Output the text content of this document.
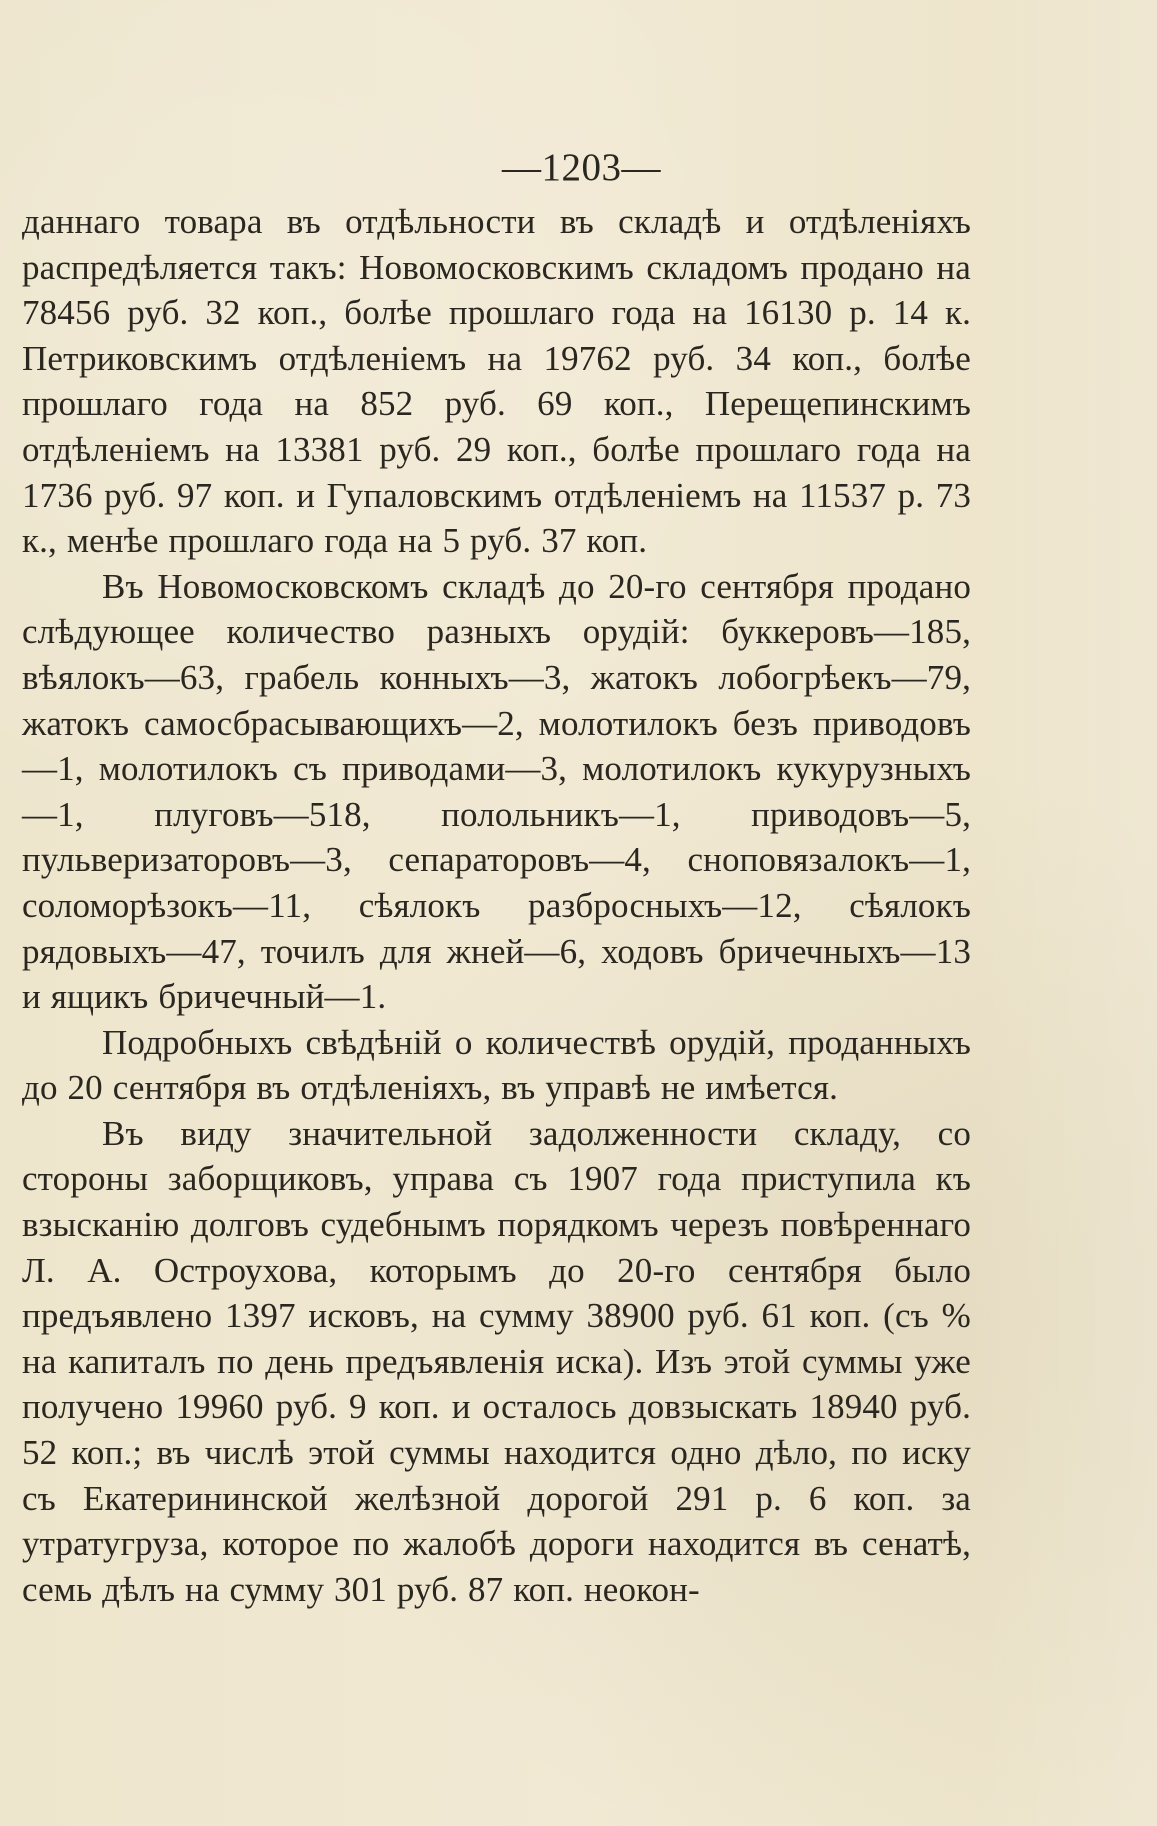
—1203—

даннаго товара въ отдѣльности въ складѣ и отдѣленіяхъ распредѣляется такъ: Новомосковскимъ складомъ продано на 78456 руб. 32 коп., болѣе прошлаго года на 16130 р. 14 к. Петриковскимъ отдѣленіемъ на 19762 руб. 34 коп., болѣе прошлаго года на 852 руб. 69 коп., Перещепинскимъ отдѣленіемъ на 13381 руб. 29 коп., болѣе прошлаго года на 1736 руб. 97 коп. и Гупаловскимъ отдѣленіемъ на 11537 р. 73 к., менѣе прошлаго года на 5 руб. 37 коп.

Въ Новомосковскомъ складѣ до 20-го сентября продано слѣдующее количество разныхъ орудій: буккеровъ—185, вѣялокъ—63, грабель конныхъ—3, жатокъ лобогрѣекъ—79, жатокъ самосбрасывающихъ—2, молотилокъ безъ приводовъ—1, молотилокъ съ приводами—3, молотилокъ кукурузныхъ—1, плуговъ—518, полольникъ—1, приводовъ—5, пульверизаторовъ—3, сепараторовъ—4, сноповязалокъ—1, соломорѣзокъ—11, сѣялокъ разбросныхъ—12, сѣялокъ рядовыхъ—47, точилъ для жней—6, ходовъ бричечныхъ—13 и ящикъ бричечный—1.

Подробныхъ свѣдѣній о количествѣ орудій, проданныхъ до 20 сентября въ отдѣленіяхъ, въ управѣ не имѣется.

Въ виду значительной задолженности складу, со стороны заборщиковъ, управа съ 1907 года приступила къ взысканію долговъ судебнымъ порядкомъ черезъ повѣреннаго Л. А. Остроухова, которымъ до 20-го сентября было предъявлено 1397 исковъ, на сумму 38900 руб. 61 коп. (съ % на капиталъ по день предъявленія иска). Изъ этой суммы уже получено 19960 руб. 9 коп. и осталось довзыскать 18940 руб. 52 коп.; въ числѣ этой суммы находится одно дѣло, по иску съ Екатерининской желѣзной дорогой 291 р. 6 коп. за утратугруза, которое по жалобѣ дороги находится въ сенатѣ, семь дѣлъ на сумму 301 руб. 87 коп. неокон-
